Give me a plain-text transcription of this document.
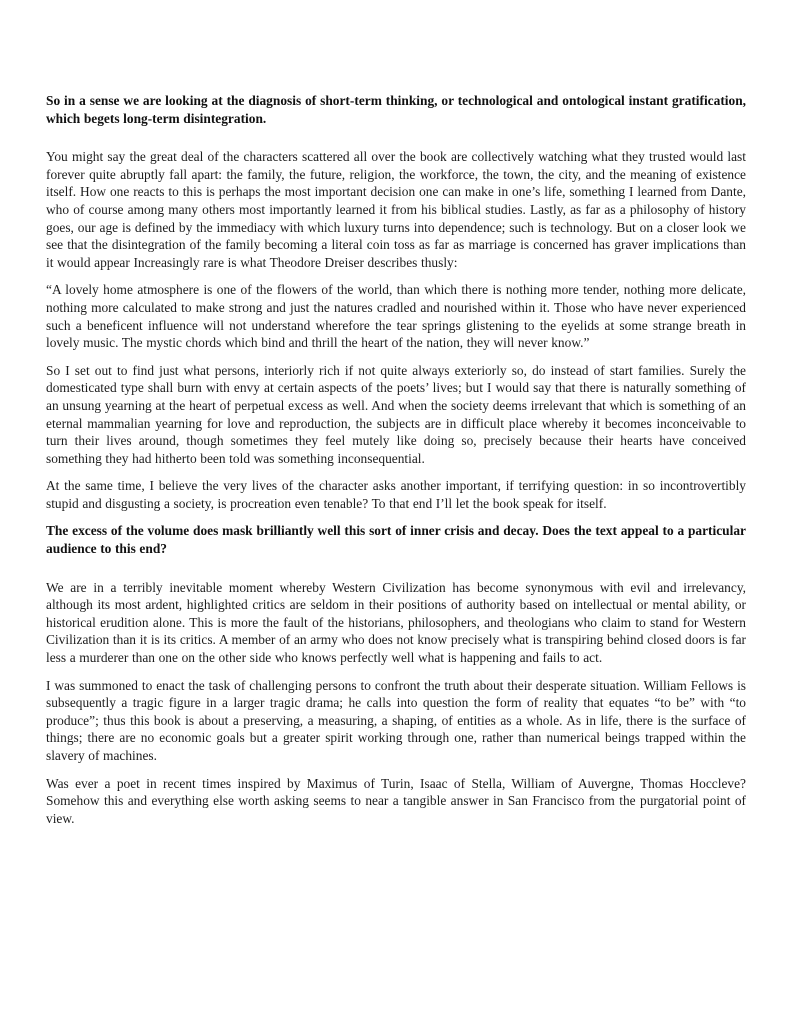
So in a sense we are looking at the diagnosis of short-term thinking, or technological and ontological instant gratification, which begets long-term disintegration.

You might say the great deal of the characters scattered all over the book are collectively watching what they trusted would last forever quite abruptly fall apart: the family, the future, religion, the workforce, the town, the city, and the meaning of existence itself. How one reacts to this is perhaps the most important decision one can make in one’s life, something I learned from Dante, who of course among many others most importantly learned it from his biblical studies. Lastly, as far as a philosophy of history goes, our age is defined by the immediacy with which luxury turns into dependence; such is technology. But on a closer look we see that the disintegration of the family becoming a literal coin toss as far as marriage is concerned has graver implications than it would appear Increasingly rare is what Theodore Dreiser describes thusly:

“A lovely home atmosphere is one of the flowers of the world, than which there is nothing more tender, nothing more delicate, nothing more calculated to make strong and just the natures cradled and nourished within it. Those who have never experienced such a beneficent influence will not understand wherefore the tear springs glistening to the eyelids at some strange breath in lovely music. The mystic chords which bind and thrill the heart of the nation, they will never know.”

So I set out to find just what persons, interiorly rich if not quite always exteriorly so, do instead of start families. Surely the domesticated type shall burn with envy at certain aspects of the poets’ lives; but I would say that there is naturally something of an unsung yearning at the heart of perpetual excess as well. And when the society deems irrelevant that which is something of an eternal mammalian yearning for love and reproduction, the subjects are in difficult place whereby it becomes inconceivable to turn their lives around, though sometimes they feel mutely like doing so, precisely because their hearts have conceived something they had hitherto been told was something inconsequential.

At the same time, I believe the very lives of the character asks another important, if terrifying question: in so incontrovertibly stupid and disgusting a society, is procreation even tenable? To that end I’ll let the book speak for itself.

The excess of the volume does mask brilliantly well this sort of inner crisis and decay. Does the text appeal to a particular audience to this end?

We are in a terribly inevitable moment whereby Western Civilization has become synonymous with evil and irrelevancy, although its most ardent, highlighted critics are seldom in their positions of authority based on intellectual or mental ability, or historical erudition alone. This is more the fault of the historians, philosophers, and theologians who claim to stand for Western Civilization than it is its critics. A member of an army who does not know precisely what is transpiring behind closed doors is far less a murderer than one on the other side who knows perfectly well what is happening and fails to act.

I was summoned to enact the task of challenging persons to confront the truth about their desperate situation. William Fellows is subsequently a tragic figure in a larger tragic drama; he calls into question the form of reality that equates “to be” with “to produce”; thus this book is about a preserving, a measuring, a shaping, of entities as a whole. As in life, there is the surface of things; there are no economic goals but a greater spirit working through one, rather than numerical beings trapped within the slavery of machines.

Was ever a poet in recent times inspired by Maximus of Turin, Isaac of Stella, William of Auvergne, Thomas Hoccleve? Somehow this and everything else worth asking seems to near a tangible answer in San Francisco from the purgatorial point of view.
